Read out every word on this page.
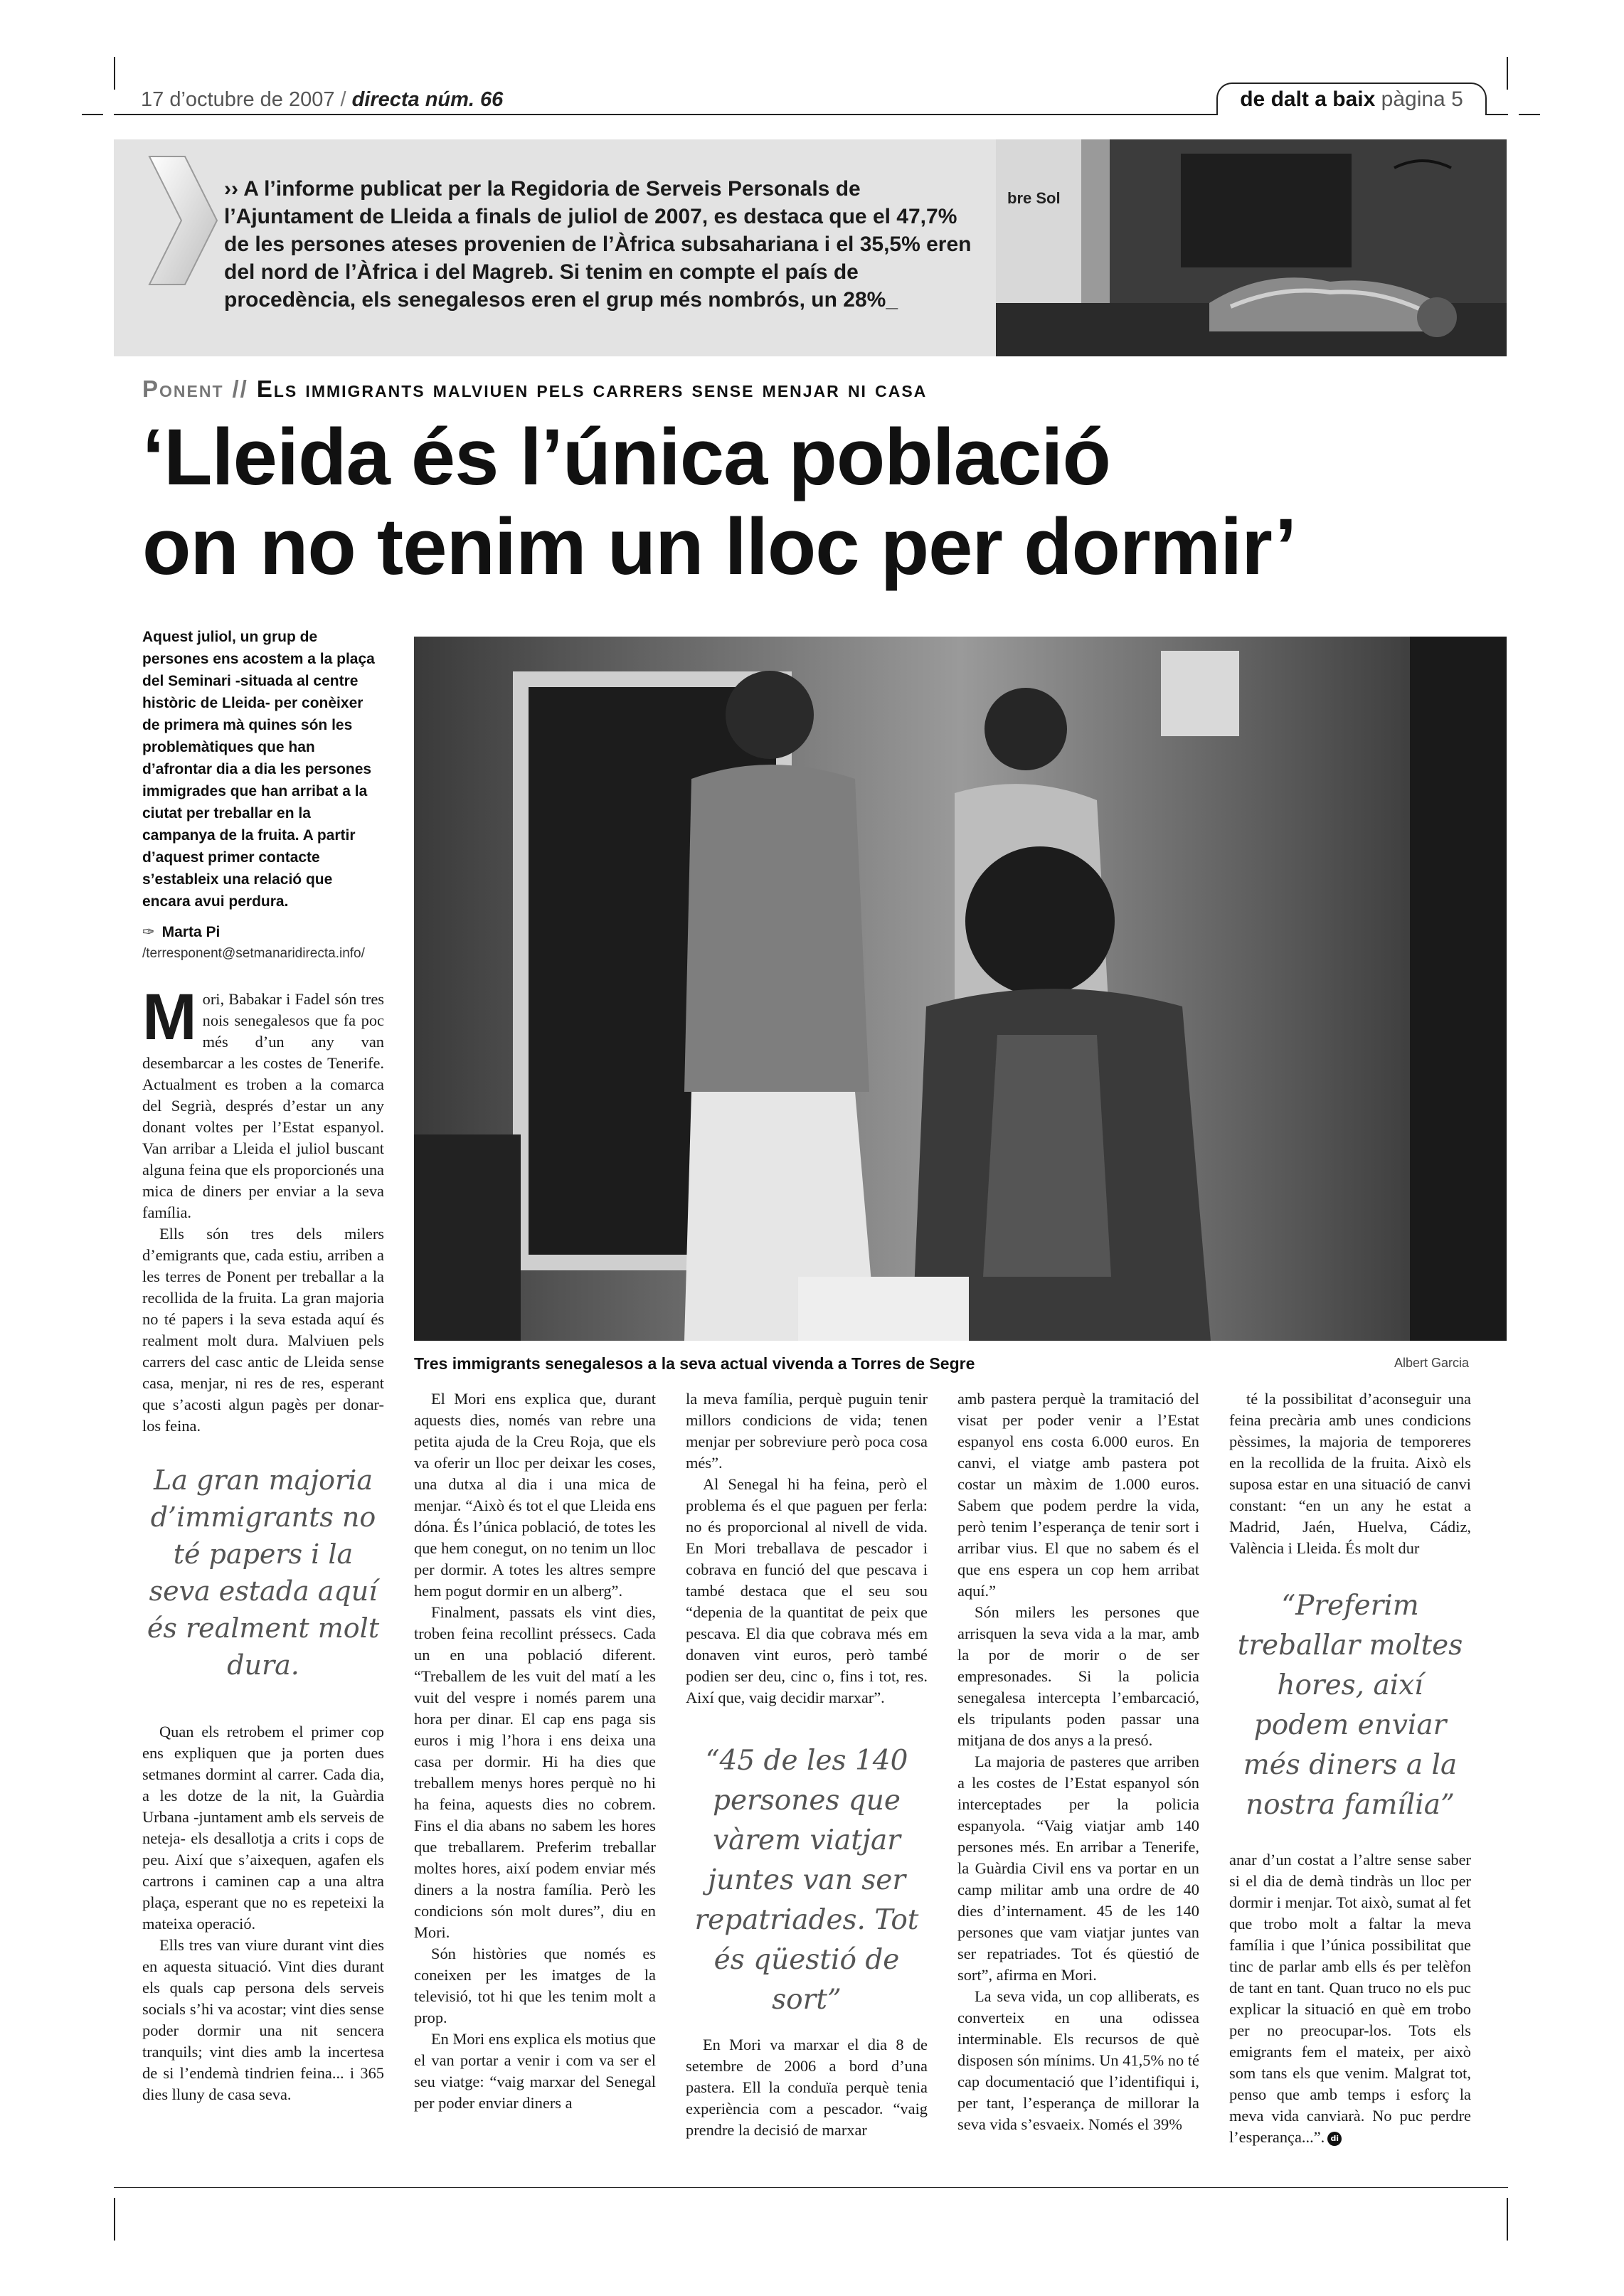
17 d’octubre de 2007 / directa núm. 66	de dalt a baix pàgina 5
›› A l’informe publicat per la Regidoria de Serveis Personals de l’Ajuntament de Lleida a finals de juliol de 2007, es destaca que el 47,7% de les persones ateses provenien de l’Àfrica subsahariana i el 35,5% eren del nord de l’Àfrica i del Magreb. Si tenim en compte el país de procedència, els senegalesos eren el grup més nombrós, un 28%_
bre Sol
Ponent // Els immigrants malviuen pels carrers sense menjar ni casa
‘Lleida és l’única població
on no tenim un lloc per dormir’
Aquest juliol, un grup de persones ens acostem a la plaça del Seminari -situada al centre històric de Lleida- per conèixer de primera mà quines són les problemàtiques que han d’afrontar dia a dia les persones immigrades que han arribat a la ciutat per treballar en la campanya de la fruita. A partir d’aquest primer contacte s’estableix una relació que encara avui perdura.
✑ Marta Pi
/terresponent@setmanaridirecta.info/
Tres immigrants senegalesos a la seva actual vivenda a Torres de Segre	Albert Garcia

Mori, Babakar i Fadel són tres nois senegalesos que fa poc més d’un any van desembarcar a les costes de Tenerife. Actualment es troben a la comarca del Segrià, després d’estar un any donant voltes per l’Estat espanyol. Van arribar a Lleida el juliol buscant alguna feina que els proporcionés una mica de diners per enviar a la seva família.

Ells són tres dels milers d’emigrants que, cada estiu, arriben a les terres de Ponent per treballar a la recollida de la fruita. La gran majoria no té papers i la seva estada aquí és realment molt dura. Malviuen pels carrers del casc antic de Lleida sense casa, menjar, ni res de res, esperant que s’acosti algun pagès per donar-los feina.

La gran majoria d’immigrants no té papers i la seva estada aquí és realment molt dura.

Quan els retrobem el primer cop ens expliquen que ja porten dues setmanes dormint al carrer. Cada dia, a les dotze de la nit, la Guàrdia Urbana -juntament amb els serveis de neteja- els desallotja a crits i cops de peu. Així que s’aixequen, agafen els cartrons i caminen cap a una altra plaça, esperant que no es repeteixi la mateixa operació.

Ells tres van viure durant vint dies en aquesta situació. Vint dies durant els quals cap persona dels serveis socials s’hi va acostar; vint dies sense poder dormir una nit sencera tranquils; vint dies amb la incertesa de si l’endemà tindrien feina... i 365 dies lluny de casa seva.

El Mori ens explica que, durant aquests dies, només van rebre una petita ajuda de la Creu Roja, que els va oferir un lloc per deixar les coses, una dutxa al dia i una mica de menjar. “Això és tot el que Lleida ens dóna. És l’única població, de totes les que hem conegut, on no tenim un lloc per dormir. A totes les altres sempre hem pogut dormir en un alberg”.

Finalment, passats els vint dies, troben feina recollint préssecs. Cada un en una població diferent. “Treballem de les vuit del matí a les vuit del vespre i només parem una hora per dinar. El cap ens paga sis euros i mig l’hora i ens deixa una casa per dormir. Hi ha dies que treballem menys hores perquè no hi ha feina, aquests dies no cobrem. Fins el dia abans no sabem les hores que treballarem. Preferim treballar moltes hores, així podem enviar més diners a la nostra família. Però les condicions són molt dures”, diu en Mori.

Són històries que només es coneixen per les imatges de la televisió, tot hi que les tenim molt a prop.

En Mori ens explica els motius que el van portar a venir i com va ser el seu viatge: “vaig marxar del Senegal per poder enviar diners a

la meva família, perquè puguin tenir millors condicions de vida; tenen menjar per sobreviure però poca cosa més”.

Al Senegal hi ha feina, però el problema és el que paguen per ferla: no és proporcional al nivell de vida. En Mori treballava de pescador i cobrava en funció del que pescava i també destaca que el seu sou “depenia de la quantitat de peix que pescava. El dia que cobrava més em donaven vint euros, però també podien ser deu, cinc o, fins i tot, res. Així que, vaig decidir marxar”.

“45 de les 140 persones que vàrem viatjar juntes van ser repatriades. Tot és qüestió de sort”

En Mori va marxar el dia 8 de setembre de 2006 a bord d’una pastera. Ell la conduïa perquè tenia experiència com a pescador. “vaig prendre la decisió de marxar

amb pastera perquè la tramitació del visat per poder venir a l’Estat espanyol ens costa 6.000 euros. En canvi, el viatge amb pastera pot costar un màxim de 1.000 euros. Sabem que podem perdre la vida, però tenim l’esperança de tenir sort i arribar vius. El que no sabem és el que ens espera un cop hem arribat aquí.”

Són milers les persones que arrisquen la seva vida a la mar, amb la por de morir o de ser empresonades. Si la policia senegalesa intercepta l’embarcació, els tripulants poden passar una mitjana de dos anys a la presó.

La majoria de pasteres que arriben a les costes de l’Estat espanyol són interceptades per la policia espanyola. “Vaig viatjar amb 140 persones més. En arribar a Tenerife, la Guàrdia Civil ens va portar en un camp militar amb una ordre de 40 dies d’internament. 45 de les 140 persones que vam viatjar juntes van ser repatriades. Tot és qüestió de sort”, afirma en Mori.

La seva vida, un cop alliberats, es converteix en una odissea interminable. Els recursos de què disposen són mínims. Un 41,5% no té cap documentació que l’identifiqui i, per tant, l’esperança de millorar la seva vida s’esvaeix. Només el 39%

té la possibilitat d’aconseguir una feina precària amb unes condicions pèssimes, la majoria de temporeres en la recollida de la fruita. Això els suposa estar en una situació de canvi constant: “en un any he estat a Madrid, Jaén, Huelva, Cádiz, València i Lleida. És molt dur

“Preferim treballar moltes hores, així podem enviar més diners a la nostra família”

anar d’un costat a l’altre sense saber si el dia de demà tindràs un lloc per dormir i menjar. Tot això, sumat al fet que trobo molt a faltar la meva família i que l’única possibilitat que tinc de parlar amb ells és per telèfon de tant en tant. Quan truco no els puc explicar la situació en què em trobo per no preocupar-los. Tots els emigrants fem el mateix, per això som tans els que venim. Malgrat tot, penso que amb temps i esforç la meva vida canviarà. No puc perdre l’esperança...”. di
